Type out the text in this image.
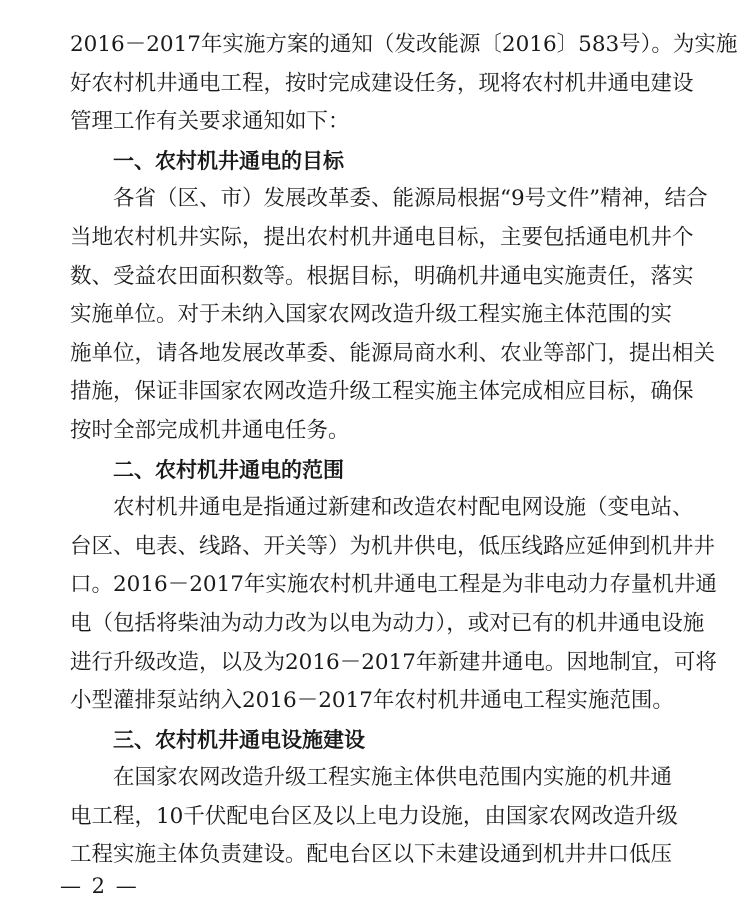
2016－2017年实施方案的通知（发改能源〔2016〕583号）。为实施
好农村机井通电工程，按时完成建设任务，现将农村机井通电建设
管理工作有关要求通知如下：
一、农村机井通电的目标
各省（区、市）发展改革委、能源局根据“9号文件”精神，结合
当地农村机井实际，提出农村机井通电目标，主要包括通电机井个
数、受益农田面积数等。根据目标，明确机井通电实施责任，落实
实施单位。对于未纳入国家农网改造升级工程实施主体范围的实
施单位，请各地发展改革委、能源局商水利、农业等部门，提出相关
措施，保证非国家农网改造升级工程实施主体完成相应目标，确保
按时全部完成机井通电任务。
二、农村机井通电的范围
农村机井通电是指通过新建和改造农村配电网设施（变电站、
台区、电表、线路、开关等）为机井供电，低压线路应延伸到机井井
口。2016－2017年实施农村机井通电工程是为非电动力存量机井通
电（包括将柴油为动力改为以电为动力），或对已有的机井通电设施
进行升级改造，以及为2016－2017年新建井通电。因地制宜，可将
小型灌排泵站纳入2016－2017年农村机井通电工程实施范围。
三、农村机井通电设施建设
在国家农网改造升级工程实施主体供电范围内实施的机井通
电工程，10千伏配电台区及以上电力设施，由国家农网改造升级
工程实施主体负责建设。配电台区以下未建设通到机井井口低压
— 2 —
